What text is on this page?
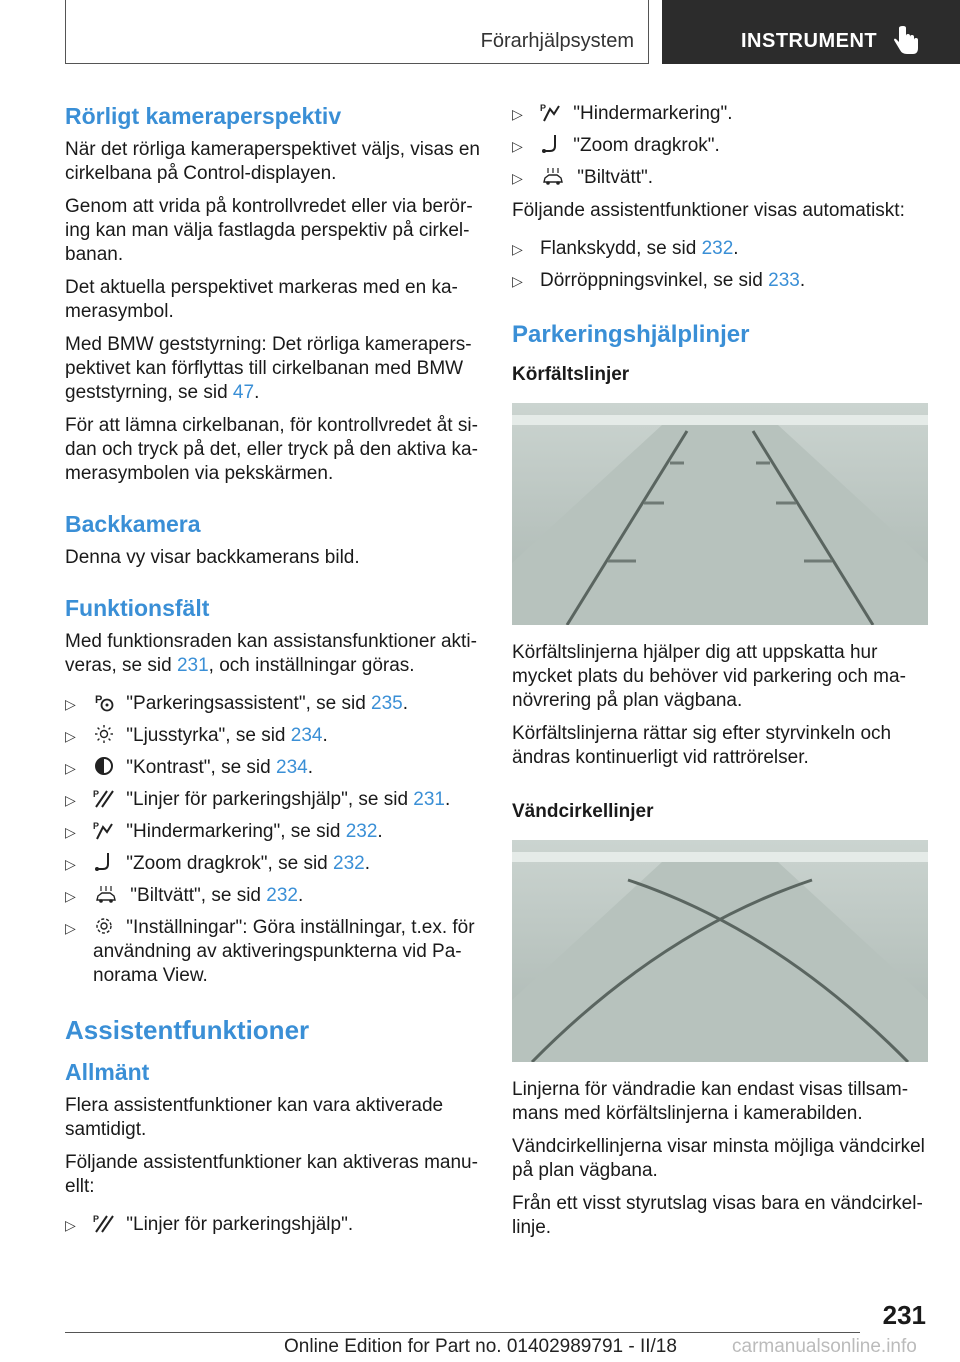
Förarhjälpsystem	INSTRUMENT
Rörligt kameraperspektiv

När det rörliga kameraperspektivet väljs, visas en cirkelbana på Control-displayen.

Genom att vrida på kontrollvredet eller via beröring kan man välja fastlagda perspektiv på cirkelbanan.

Det aktuella perspektivet markeras med en kamerasymbol.

Med BMW geststyrning: Det rörliga kameraperspektivet kan förflyttas till cirkelbanan med BMW geststyrning, se sid 47.

För att lämna cirkelbanan, för kontrollvredet åt sidan och tryck på det, eller tryck på den aktiva kamerasymbolen via pekskärmen.

Backkamera

Denna vy visar backkamerans bild.

Funktionsfält

Med funktionsraden kan assistansfunktioner aktiveras, se sid 231, och inställningar göras.

▷ P "Parkeringsassistent", se sid 235.
▷ "Ljusstyrka", se sid 234.
▷ "Kontrast", se sid 234.
▷ P "Linjer för parkeringshjälp", se sid 231.
▷ P "Hindermarkering", se sid 232.
▷ "Zoom dragkrok", se sid 232.
▷ "Biltvätt", se sid 232.
▷ "Inställningar": Göra inställningar, t.ex. för användning av aktiveringspunkterna vid Panorama View.
Assistentfunktioner
Allmänt

Flera assistentfunktioner kan vara aktiverade samtidigt.

Följande assistentfunktioner kan aktiveras manuellt:

▷ P "Linjer för parkeringshjälp".
▷ P "Hindermarkering".
▷ "Zoom dragkrok".
▷ "Biltvätt".

Följande assistentfunktioner visas automatiskt:

▷ Flankskydd, se sid 232.
▷ Dörröppningsvinkel, se sid 233.
Parkeringshjälplinjer
Körfältslinjer

Körfältslinjerna hjälper dig att uppskatta hur mycket plats du behöver vid parkering och manövrering på plan vägbana.

Körfältslinjerna rättar sig efter styrvinkeln och ändras kontinuerligt vid rattrörelser.

Vändcirkellinjer

Linjerna för vändradie kan endast visas tillsammans med körfältslinjerna i kamerabilden.

Vändcirkellinjerna visar minsta möjliga vändcirkel på plan vägbana.

Från ett visst styrutslag visas bara en vändcirkellinje.

231
Online Edition for Part no. 01402989791 - II/18	carmanualsonline.info
